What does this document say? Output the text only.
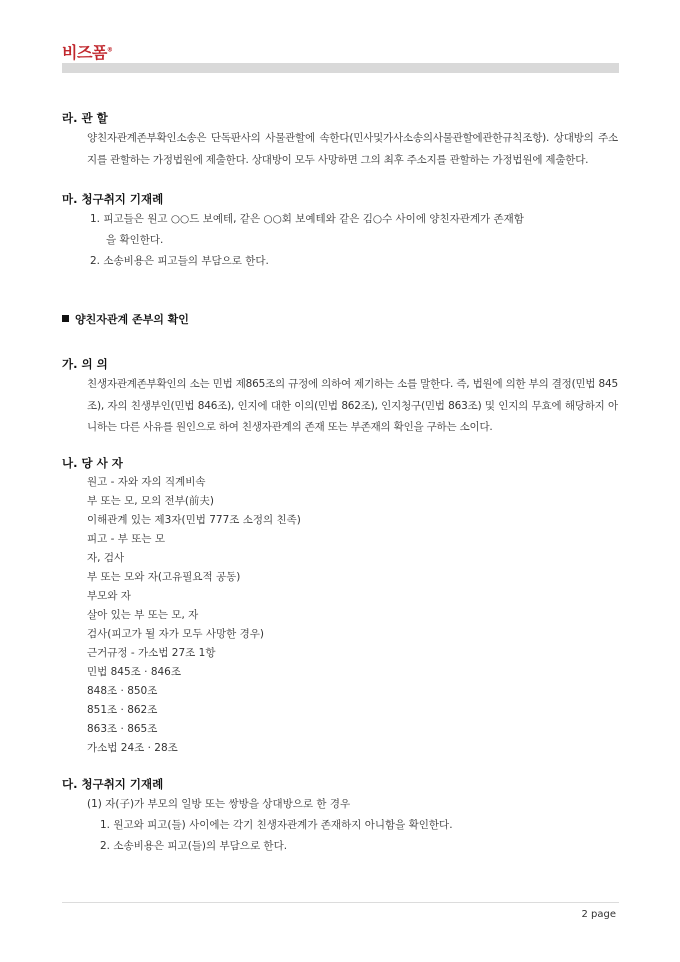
비즈폼®
라. 관 할
양친자관계존부확인소송은 단독판사의 사물관할에 속한다(민사및가사소송의사물관할에관한규칙조항). 상대방의 주소지를 관할하는 가정법원에 제출한다. 상대방이 모두 사망하면 그의 최후 주소지를 관할하는 가정법원에 제출한다.
마. 청구취지 기재례
1. 피고들은 원고 ○○드 보예테, 같은 ○○회 보예테와 같은 김○수 사이에 양친자관계가 존재함
을 확인한다.
2. 소송비용은 피고들의 부담으로 한다.
양친자관계 존부의 확인
가. 의 의
친생자관계존부확인의 소는 민법 제865조의 규정에 의하여 제기하는 소를 말한다. 즉, 법원에 의한 부의 결정(민법 845조), 자의 친생부인(민법 846조), 인지에 대한 이의(민법 862조), 인지청구(민법 863조) 및 인지의 무효에 해당하지 아니하는 다른 사유를 원인으로 하여 친생자관계의 존재 또는 부존재의 확인을 구하는 소이다.
나. 당 사 자
원고 - 자와 자의 직계비속
부 또는 모, 모의 전부(前夫)
이해관계 있는 제3자(민법 777조 소정의 친족)
피고 - 부 또는 모
자, 검사
부 또는 모와 자(고유필요적 공동)
부모와 자
살아 있는 부 또는 모, 자
검사(피고가 될 자가 모두 사망한 경우)
근거규정 - 가소법 27조 1항
민법 845조 · 846조
848조 · 850조
851조 · 862조
863조 · 865조
가소법 24조 · 28조
다. 청구취지 기재례
(1) 자(子)가 부모의 일방 또는 쌍방을 상대방으로 한 경우
1. 원고와 피고(들) 사이에는 각기 친생자관계가 존재하지 아니함을 확인한다.
2. 소송비용은 피고(들)의 부담으로 한다.
2 page
